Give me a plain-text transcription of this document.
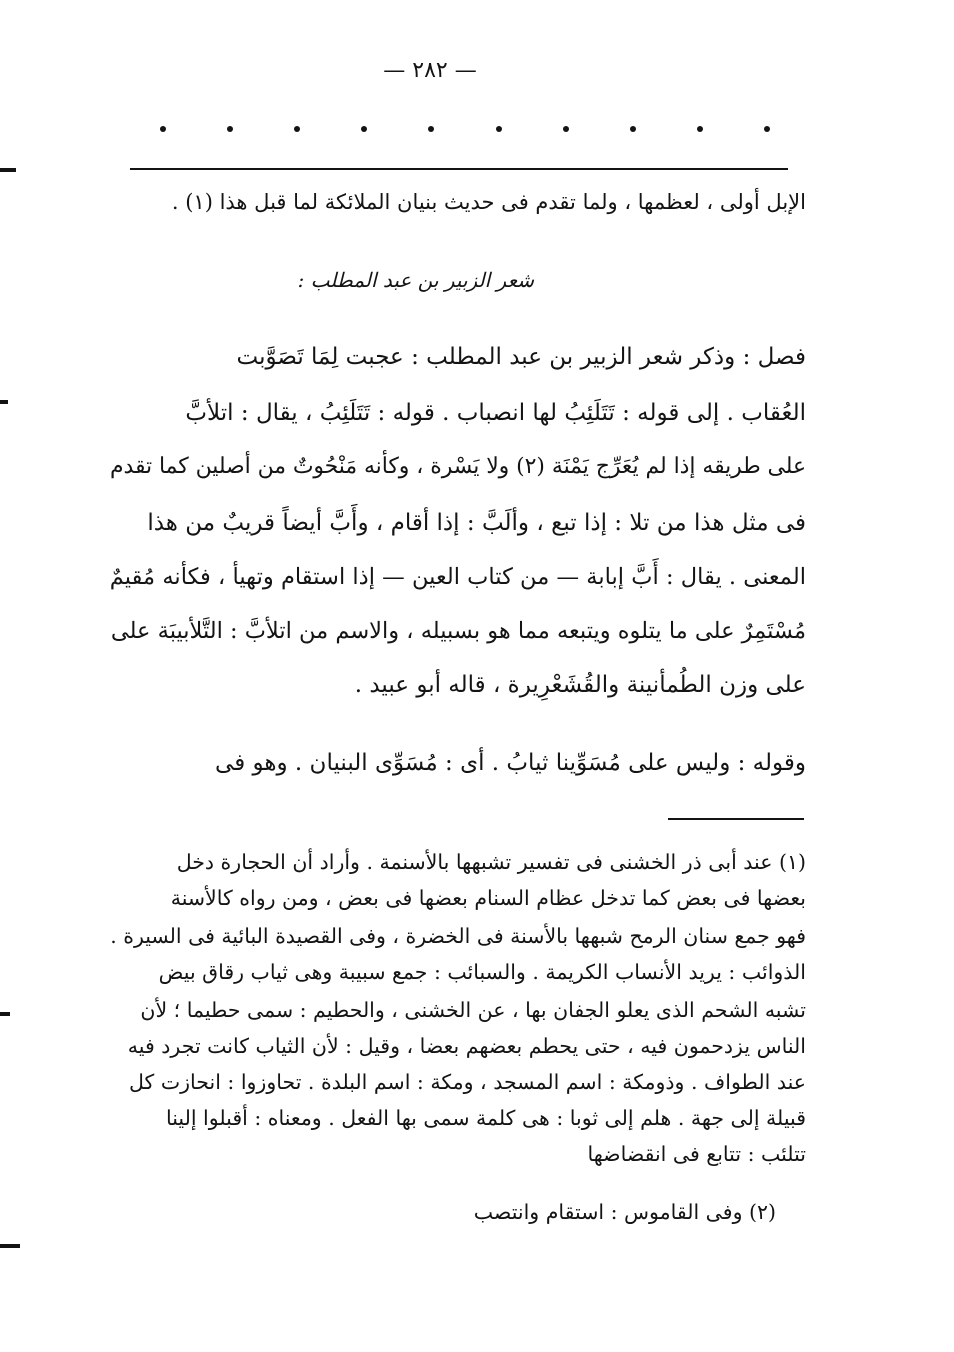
— ٢٨٢ —
الإبل أولى ، لعظمها ، ولما تقدم فى حديث بنيان الملائكة لما قبل هذا (١) .
شعر الزبير بن عبد المطلب :
فصل : وذكر شعر الزبير بن عبد المطلب : عجبت لِمَا تَصَوَّبت
العُقاب . إلى قوله : تَتَلَئِبُ لها انصباب . قوله : تَتَلَئِبُ ، يقال : اتلأبَّ
على طريقه إذا لم يُعَرِّج يَمْنَة (٢) ولا يَسْرة ، وكأنه مَنْحُوتٌ من أصلين كما تقدم
فى مثل هذا من تلا : إذا تبع ، وألَبَّ : إذا أقام ، وأَبَّ أيضاً قريبٌ من هذا
المعنى . يقال : أَبَّ إبابة — من كتاب العين — إذا استقام وتهيأ ، فكأنه مُقيمٌ
مُسْتَمِرٌ على ما يتلوه ويتبعه مما هو بسبيله ، والاسم من اتلأبَّ : التَّلأبيبَة على
على وزن الطُمأنينة والقُشَعْرِيرة ، قاله أبو عبيد .
وقوله : وليس على مُسَوِّينا ثيابُ . أى : مُسَوِّى البنيان . وهو فى
(١) عند أبى ذر الخشنى فى تفسير تشبهها بالأسنمة . وأراد أن الحجارة دخل
بعضها فى بعض كما تدخل عظام السنام بعضها فى بعض ، ومن رواه كالأسنة
فهو جمع سنان الرمح شبهها بالأسنة فى الخضرة ، وفى القصيدة البائية فى السيرة .
الذوائب : يريد الأنساب الكريمة . والسبائب : جمع سبيبة وهى ثياب رقاق بيض
تشبه الشحم الذى يعلو الجفان بها ، عن الخشنى ، والحطيم : سمى حطيما ؛ لأن
الناس يزدحمون فيه ، حتى يحطم بعضهم بعضا ، وقيل : لأن الثياب كانت تجرد فيه
عند الطواف . وذومكة : اسم المسجد ، ومكة : اسم البلدة . تحاوزوا : انحازت كل
قبيلة إلى جهة . هلم إلى ثوبا : هى كلمة سمى بها الفعل . ومعناه : أقبلوا إلينا
تتلئب : تتابع فى انقضاضها
(٢) وفى القاموس : استقام وانتصب
